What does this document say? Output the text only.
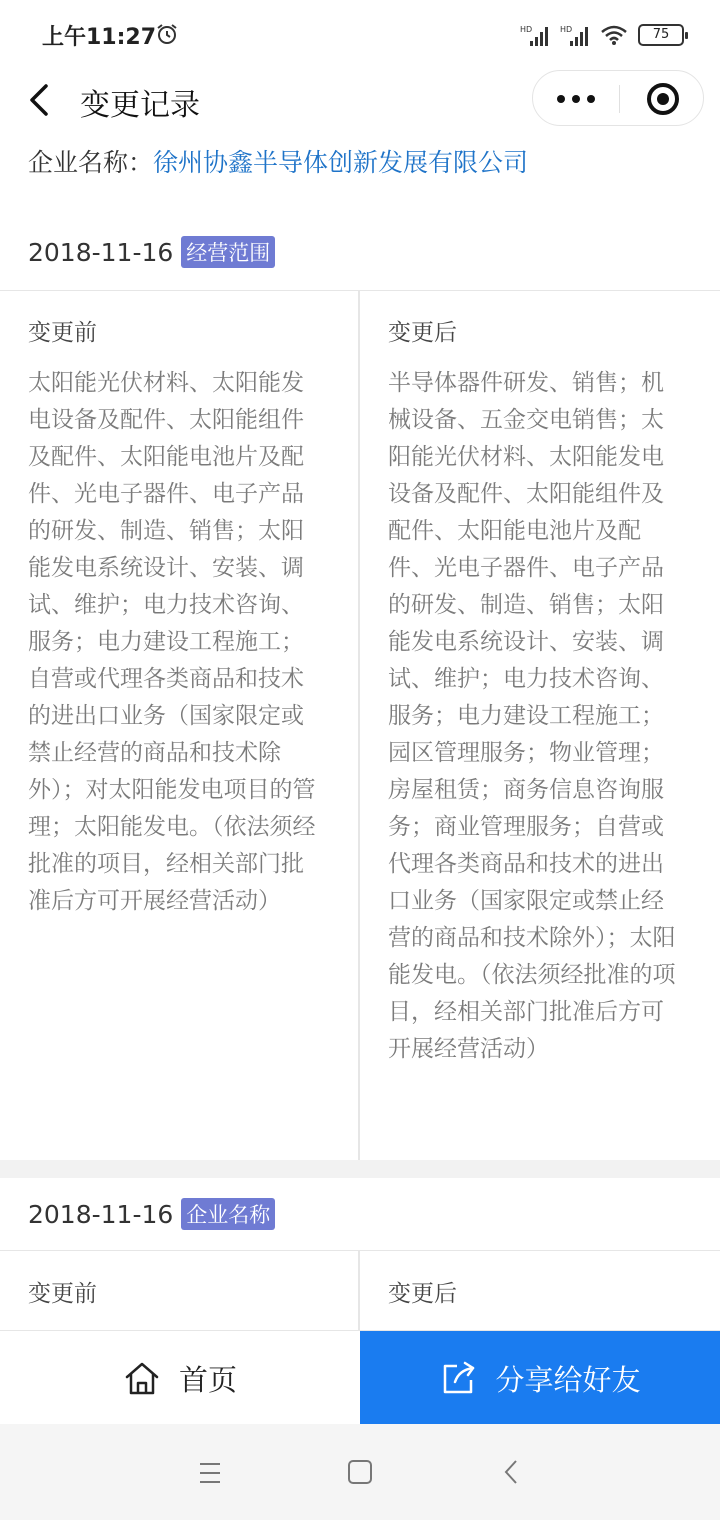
上午11:27	HD	HD	75
变更记录
企业名称：徐州协鑫半导体创新发展有限公司
2018-11-16 经营范围
变更前	变更后
太阳能光伏材料、太阳能发电设备及配件、太阳能组件及配件、太阳能电池片及配件、光电子器件、电子产品的研发、制造、销售；太阳能发电系统设计、安装、调试、维护；电力技术咨询、服务；电力建设工程施工；自营或代理各类商品和技术的进出口业务（国家限定或禁止经营的商品和技术除外）；对太阳能发电项目的管理；太阳能发电。（依法须经批准的项目，经相关部门批准后方可开展经营活动）
半导体器件研发、销售；机械设备、五金交电销售；太阳能光伏材料、太阳能发电设备及配件、太阳能组件及配件、太阳能电池片及配件、光电子器件、电子产品的研发、制造、销售；太阳能发电系统设计、安装、调试、维护；电力技术咨询、服务；电力建设工程施工；园区管理服务；物业管理；房屋租赁；商务信息咨询服务；商业管理服务；自营或代理各类商品和技术的进出口业务（国家限定或禁止经营的商品和技术除外）；太阳能发电。（依法须经批准的项目，经相关部门批准后方可开展经营活动）
2018-11-16 企业名称
变更前	变更后
首页	分享给好友
